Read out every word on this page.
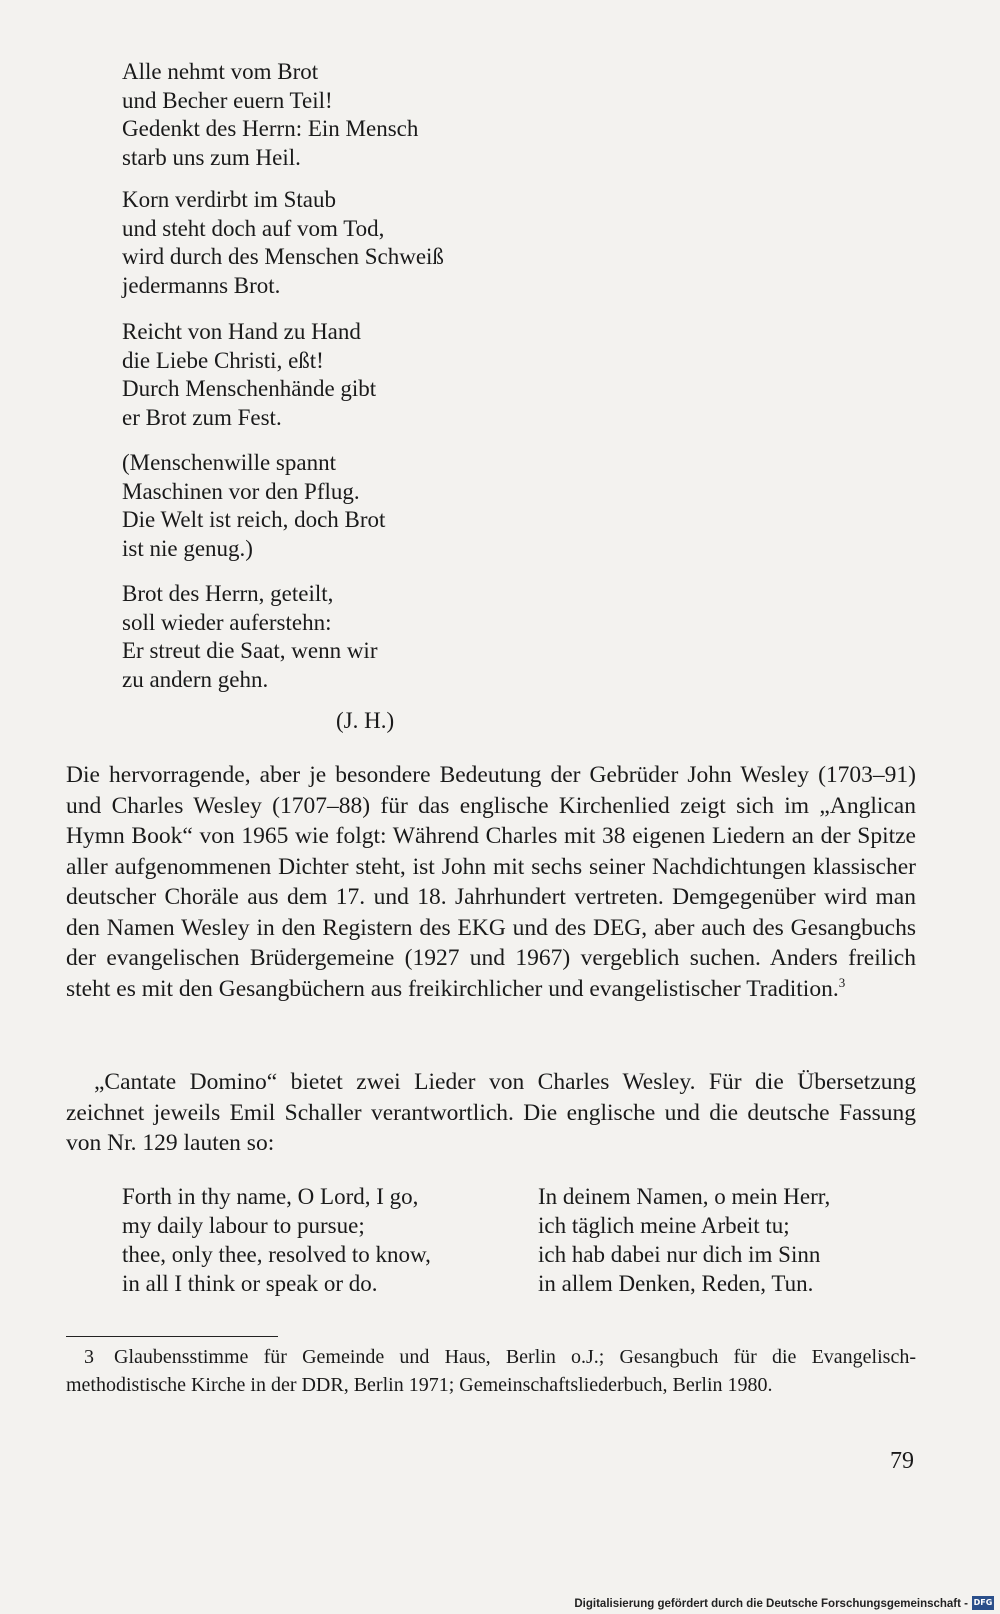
Alle nehmt vom Brot
und Becher euern Teil!
Gedenkt des Herrn: Ein Mensch
starb uns zum Heil.
Korn verdirbt im Staub
und steht doch auf vom Tod,
wird durch des Menschen Schweiß
jedermanns Brot.
Reicht von Hand zu Hand
die Liebe Christi, eßt!
Durch Menschenhände gibt
er Brot zum Fest.
(Menschenwille spannt
Maschinen vor den Pflug.
Die Welt ist reich, doch Brot
ist nie genug.)
Brot des Herrn, geteilt,
soll wieder auferstehn:
Er streut die Saat, wenn wir
zu andern gehn.
(J. H.)

Die hervorragende, aber je besondere Bedeutung der Gebrüder John Wesley (1703–91) und Charles Wesley (1707–88) für das englische Kirchenlied zeigt sich im „Anglican Hymn Book“ von 1965 wie folgt: Während Charles mit 38 eigenen Liedern an der Spitze aller aufgenommenen Dichter steht, ist John mit sechs seiner Nachdichtungen klassischer deutscher Choräle aus dem 17. und 18. Jahrhundert vertreten. Demgegenüber wird man den Namen Wesley in den Registern des EKG und des DEG, aber auch des Gesangbuchs der evangelischen Brüdergemeine (1927 und 1967) vergeblich suchen. Anders freilich steht es mit den Gesangbüchern aus freikirchlicher und evangelistischer Tradition.$^3$

„Cantate Domino“ bietet zwei Lieder von Charles Wesley. Für die Übersetzung zeichnet jeweils Emil Schaller verantwortlich. Die englische und die deutsche Fassung von Nr. 129 lauten so:

Forth in thy name, O Lord, I go,
my daily labour to pursue;
thee, only thee, resolved to know,
in all I think or speak or do.
In deinem Namen, o mein Herr,
ich täglich meine Arbeit tu;
ich hab dabei nur dich im Sinn
in allem Denken, Reden, Tun.

3 Glaubensstimme für Gemeinde und Haus, Berlin o.J.; Gesangbuch für die Evangelisch-methodistische Kirche in der DDR, Berlin 1971; Gemeinschaftsliederbuch, Berlin 1980.

79
Digitalisierung gefördert durch die Deutsche Forschungsgemeinschaft - DFG
